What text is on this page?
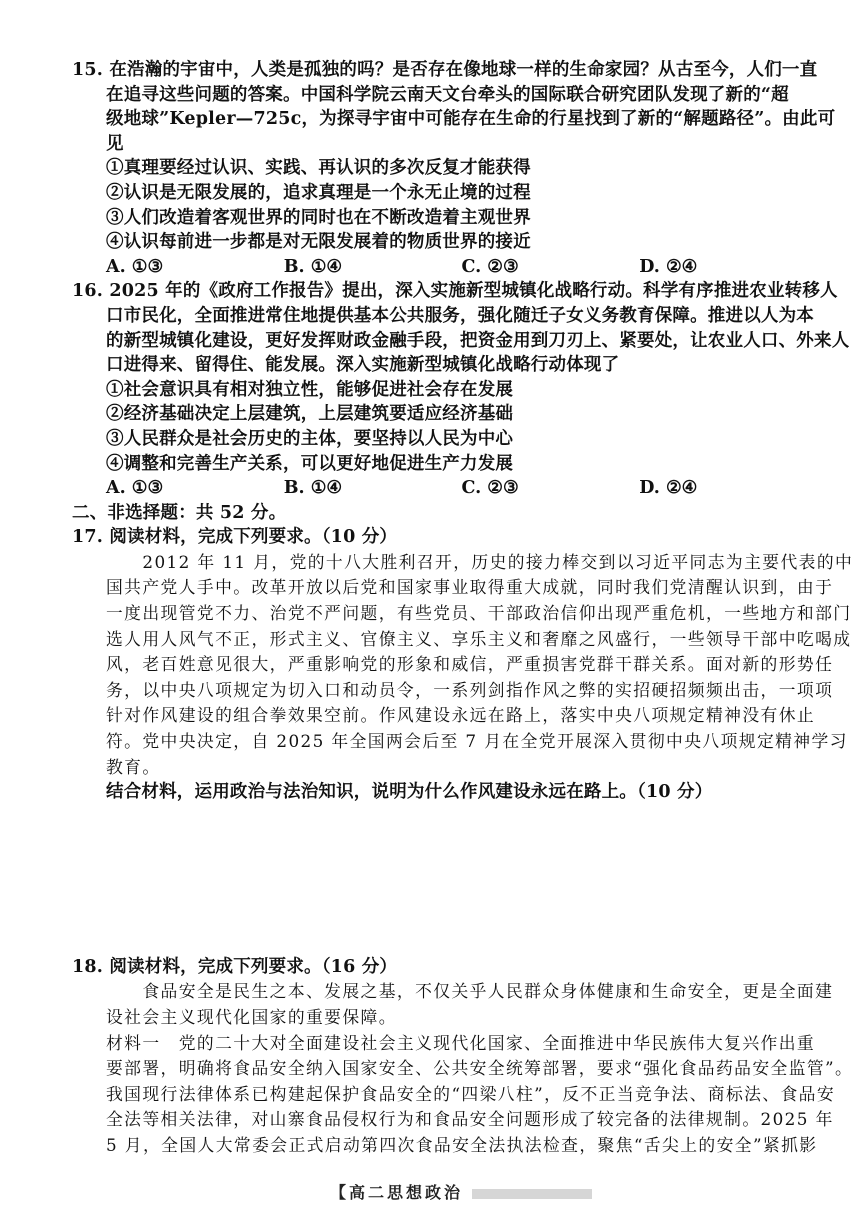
15. 在浩瀚的宇宙中，人类是孤独的吗？是否存在像地球一样的生命家园？从古至今，人们一直
在追寻这些问题的答案。中国科学院云南天文台牵头的国际联合研究团队发现了新的“超
级地球”Kepler—725c，为探寻宇宙中可能存在生命的行星找到了新的“解题路径”。由此可
见
①真理要经过认识、实践、再认识的多次反复才能获得
②认识是无限发展的，追求真理是一个永无止境的过程
③人们改造着客观世界的同时也在不断改造着主观世界
④认识每前进一步都是对无限发展着的物质世界的接近
A. ①③	B. ①④	C. ②③	D. ②④
16. 2025 年的《政府工作报告》提出，深入实施新型城镇化战略行动。科学有序推进农业转移人
口市民化，全面推进常住地提供基本公共服务，强化随迁子女义务教育保障。推进以人为本
的新型城镇化建设，更好发挥财政金融手段，把资金用到刀刃上、紧要处，让农业人口、外来人
口进得来、留得住、能发展。深入实施新型城镇化战略行动体现了
①社会意识具有相对独立性，能够促进社会存在发展
②经济基础决定上层建筑，上层建筑要适应经济基础
③人民群众是社会历史的主体，要坚持以人民为中心
④调整和完善生产关系，可以更好地促进生产力发展
A. ①③	B. ①④	C. ②③	D. ②④
二、非选择题：共 52 分。
17. 阅读材料，完成下列要求。（10 分）
　　2012 年 11 月，党的十八大胜利召开，历史的接力棒交到以习近平同志为主要代表的中
国共产党人手中。改革开放以后党和国家事业取得重大成就，同时我们党清醒认识到，由于
一度出现管党不力、治党不严问题，有些党员、干部政治信仰出现严重危机，一些地方和部门
选人用人风气不正，形式主义、官僚主义、享乐主义和奢靡之风盛行，一些领导干部中吃喝成
风，老百姓意见很大，严重影响党的形象和威信，严重损害党群干群关系。面对新的形势任
务，以中央八项规定为切入口和动员令，一系列剑指作风之弊的实招硬招频频出击，一项项
针对作风建设的组合拳效果空前。作风建设永远在路上，落实中央八项规定精神没有休止
符。党中央决定，自 2025 年全国两会后至 7 月在全党开展深入贯彻中央八项规定精神学习
教育。
结合材料，运用政治与法治知识，说明为什么作风建设永远在路上。（10 分）
18. 阅读材料，完成下列要求。（16 分）
　　食品安全是民生之本、发展之基，不仅关乎人民群众身体健康和生命安全，更是全面建
设社会主义现代化国家的重要保障。
材料一　党的二十大对全面建设社会主义现代化国家、全面推进中华民族伟大复兴作出重
要部署，明确将食品安全纳入国家安全、公共安全统筹部署，要求“强化食品药品安全监管”。
我国现行法律体系已构建起保护食品安全的“四梁八柱”，反不正当竞争法、商标法、食品安
全法等相关法律，对山寨食品侵权行为和食品安全问题形成了较完备的法律规制。2025 年
5 月，全国人大常委会正式启动第四次食品安全法执法检查，聚焦“舌尖上的安全”紧抓影
【高二思想政治
